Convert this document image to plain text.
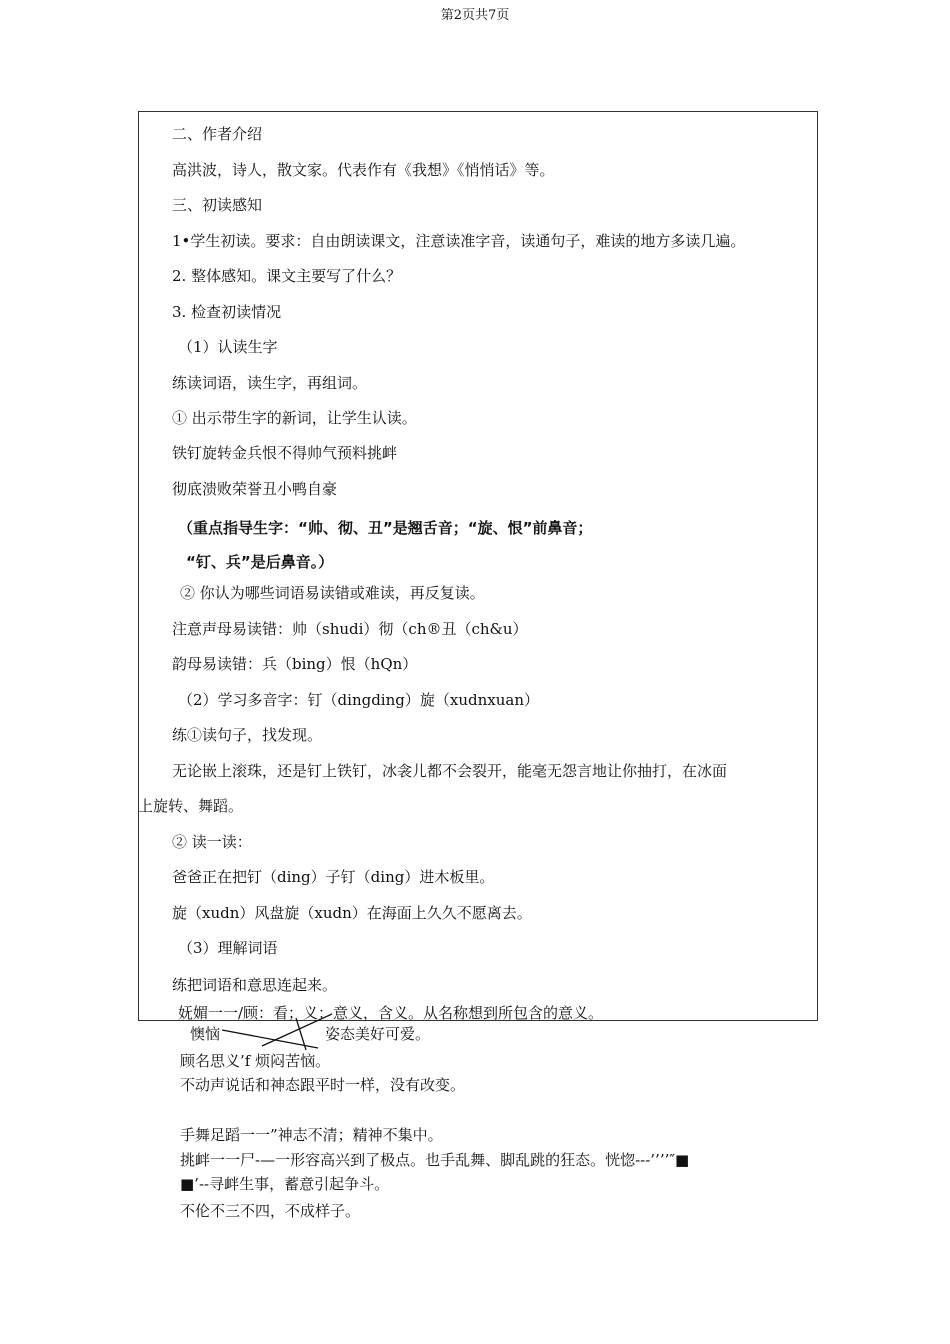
第2页共7页
二、作者介绍
高洪波，诗人，散文家。代表作有《我想》《悄悄话》等。
三、初读感知
1•学生初读。要求：自由朗读课文，注意读准字音，读通句子，难读的地方多读几遍。
2. 整体感知。课文主要写了什么？
3. 检查初读情况
（1）认读生字
练读词语，读生字，再组词。
① 出示带生字的新词，让学生认读。
铁钉旋转金兵恨不得帅气预料挑衅
彻底溃败荣誉丑小鸭自豪
（重点指导生字：“帅、彻、丑”是翘舌音；“旋、恨”前鼻音；
“钉、兵”是后鼻音。）
② 你认为哪些词语易读错或难读，再反复读。
注意声母易读错：帅（shudi）彻（ch®丑（ch&u）
韵母易读错：兵（bing）恨（hQn）
（2）学习多音字：钉（dingding）旋（xudnxuan）
练①读句子，找发现。
无论嵌上滚珠，还是钉上铁钉，冰衾儿都不会裂开，能毫无怨言地让你抽打，在冰面
上旋转、舞蹈。
② 读一读：
爸爸正在把钉（ding）子钉（ding）进木板里。
旋（xudn）风盘旋（xudn）在海面上久久不愿离去。
（3）理解词语
练把词语和意思连起来。
妩媚一一/顾：看；义：意义，含义。从名称想到所包含的意义。
懊恼	姿态美好可爱。
顾名思义’f 烦闷苦恼。
不动声说话和神态跟平时一样，没有改变。
手舞足蹈一一”神志不清；精神不集中。
挑衅一一尸-—一形容高兴到了极点。也手乱舞、脚乱跳的狂态。恍惚---’’’’″■
■’--寻衅生事，蓄意引起争斗。
不伦不三不四，不成样子。
